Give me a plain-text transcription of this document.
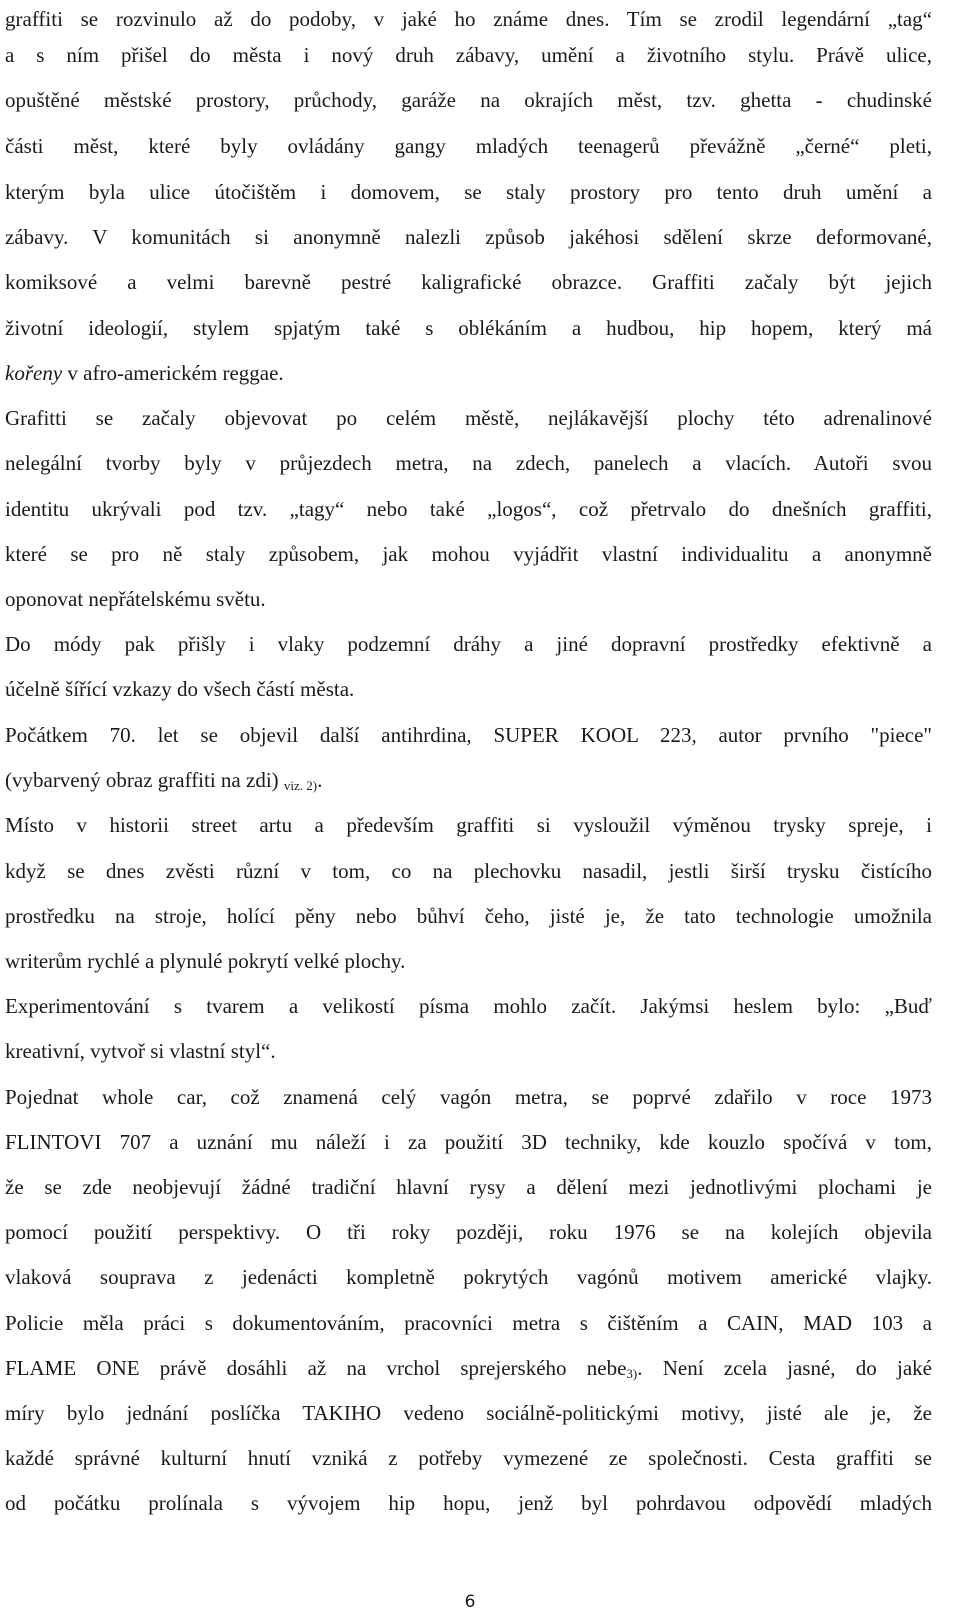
graffiti se rozvinulo až do podoby, v jaké ho známe dnes. Tím se zrodil legendární „tag“
a s ním přišel do města i nový druh zábavy, umění a životního stylu. Právě ulice,
opuštěné městské prostory, průchody, garáže na okrajích měst, tzv. ghetta - chudinské
části měst, které byly ovládány gangy mladých teenagerů převážně „černé“ pleti,
kterým byla ulice útočištěm i domovem, se staly prostory pro tento druh umění a
zábavy. V komunitách si anonymně nalezli způsob jakéhosi sdělení skrze deformované,
komiksové a velmi barevně pestré kaligrafické obrazce. Graffiti začaly být jejich
životní ideologií, stylem spjatým také s oblékáním a hudbou, hip hopem, který má
kořeny v afro-americkém reggae.
Grafitti se začaly objevovat po celém městě, nejlákavější plochy této adrenalinové
nelegální tvorby byly v průjezdech metra, na zdech, panelech a vlacích. Autoři svou
identitu ukrývali pod tzv. „tagy“ nebo také „logos“, což přetrvalo do dnešních graffiti,
které se pro ně staly způsobem, jak mohou vyjádřit vlastní individualitu a anonymně
oponovat nepřátelskému světu.
Do módy pak přišly i vlaky podzemní dráhy a jiné dopravní prostředky efektivně a
účelně šířící vzkazy do všech částí města.
Počátkem 70. let se objevil další antihrdina, SUPER KOOL 223, autor prvního "piece"
(vybarvený obraz graffiti na zdi) $_{viz. 2)}$.
Místo v historii street artu a především graffiti si vysloužil výměnou trysky spreje, i
když se dnes zvěsti různí v tom, co na plechovku nasadil, jestli širší trysku čistícího
prostředku na stroje, holící pěny nebo bůhví čeho, jisté je, že tato technologie umožnila
writerům rychlé a plynulé pokrytí velké plochy.
Experimentování s tvarem a velikostí písma mohlo začít. Jakýmsi heslem bylo: „Buď
kreativní, vytvoř si vlastní styl“.
Pojednat whole car, což znamená celý vagón metra, se poprvé zdařilo v roce 1973
FLINTOVI 707 a uznání mu náleží i za použití 3D techniky, kde kouzlo spočívá v tom,
že se zde neobjevují žádné tradiční hlavní rysy a dělení mezi jednotlivými plochami je
pomocí použití perspektivy. O tři roky později, roku 1976 se na kolejích objevila
vlaková souprava z jedenácti kompletně pokrytých vagónů motivem americké vlajky.
Policie měla práci s dokumentováním, pracovníci metra s čištěním a CAIN, MAD 103 a
FLAME ONE právě dosáhli až na vrchol sprejerského nebe$_{3)}$. Není zcela jasné, do jaké
míry bylo jednání poslíčka TAKIHO vedeno sociálně-politickými motivy, jisté ale je, že
každé správné kulturní hnutí vzniká z potřeby vymezené ze společnosti. Cesta graffiti se
od počátku prolínala s vývojem hip hopu, jenž byl pohrdavou odpovědí mladých
6
